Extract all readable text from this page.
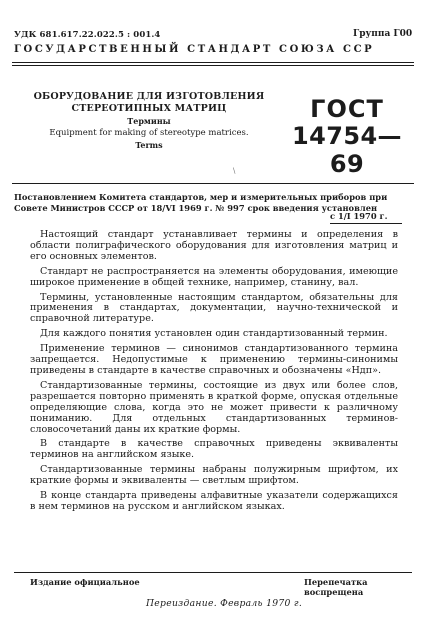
УДК 681.617.22.022.5 : 001.4	Группа Г00
ГОСУДАРСТВЕННЫЙ СТАНДАРТ СОЮЗА ССР
ОБОРУДОВАНИЕ ДЛЯ ИЗГОТОВЛЕНИЯ
СТЕРЕОТИПНЫХ МАТРИЦ
Термины
Equipment for making of stereotype matrices.
Terms
ГОСТ
14754—69
\
Постановлением Комитета стандартов, мер и измерительных приборов при Совете Министров СССР от 18/VI 1969 г. № 997 срок введения установлен
с 1/I 1970 г.

Настоящий стандарт устанавливает термины и определения в области полиграфического оборудования для изготовления матриц и его основных элементов.

Стандарт не распространяется на элементы оборудования, имеющие широкое применение в общей технике, например, станину, вал.

Термины, установленные настоящим стандартом, обязательны для применения в стандартах, документации, научно-технической и справочной литературе.

Для каждого понятия установлен один стандартизованный термин.

Применение терминов — синонимов стандартизованного термина запрещается. Недопустимые к применению термины-синонимы приведены в стандарте в качестве справочных и обозначены «Ндп».

Стандартизованные термины, состоящие из двух или более слов, разрешается повторно применять в краткой форме, опуская отдельные определяющие слова, когда это не может привести к различному пониманию. Для отдельных стандартизованных терминов-словосочетаний даны их краткие формы.

В стандарте в качестве справочных приведены эквиваленты терминов на английском языке.

Стандартизованные термины набраны полужирным шрифтом, их краткие формы и эквиваленты — светлым шрифтом.

В конце стандарта приведены алфавитные указатели содержащихся в нем терминов на русском и английском языках.

Издание официальное	Перепечатка воспрещена
Переиздание. Февраль 1970 г.
